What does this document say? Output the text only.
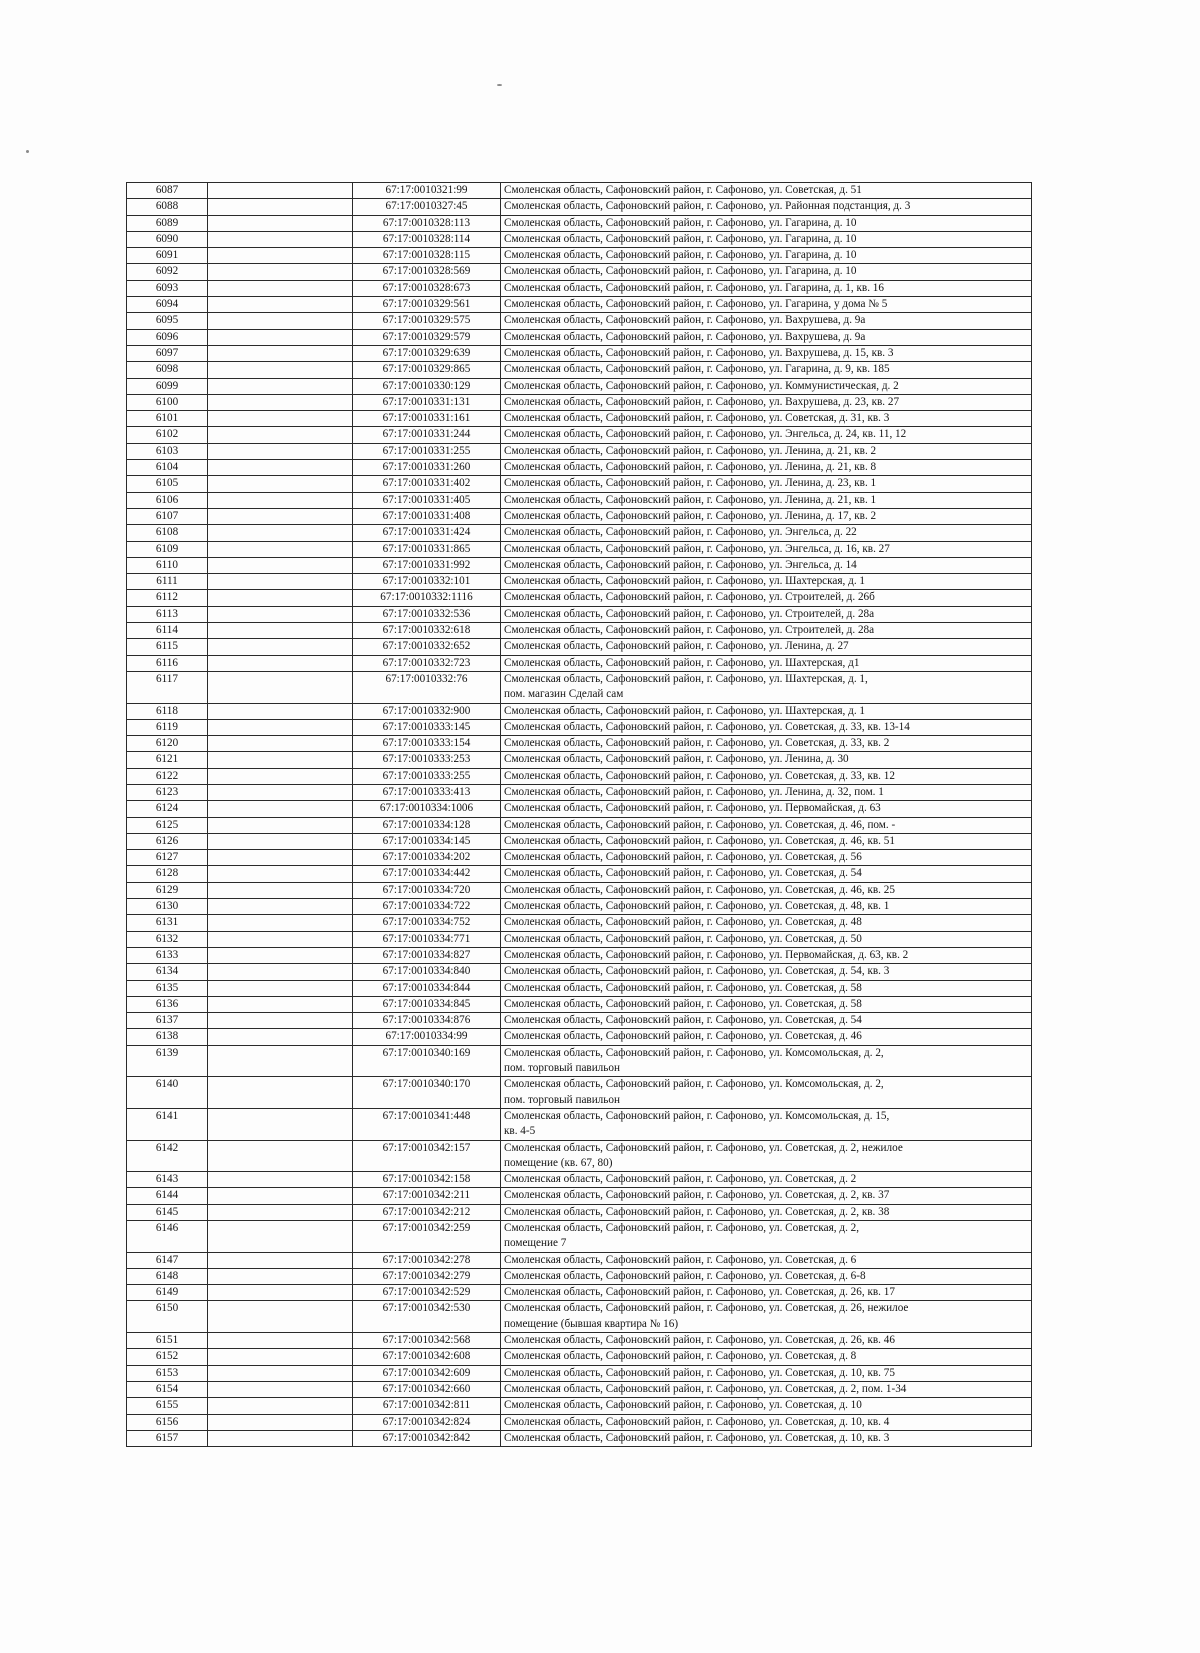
6087		67:17:0010321:99	Смоленская область, Сафоновский район, г. Сафоново, ул. Советская, д. 51

6088		67:17:0010327:45	Смоленская область, Сафоновский район, г. Сафоново, ул. Районная подстанция, д. 3

6089		67:17:0010328:113	Смоленская область, Сафоновский район, г. Сафоново, ул. Гагарина, д. 10

6090		67:17:0010328:114	Смоленская область, Сафоновский район, г. Сафоново, ул. Гагарина, д. 10

6091		67:17:0010328:115	Смоленская область, Сафоновский район, г. Сафоново, ул. Гагарина, д. 10

6092		67:17:0010328:569	Смоленская область, Сафоновский район, г. Сафоново, ул. Гагарина, д. 10

6093		67:17:0010328:673	Смоленская область, Сафоновский район, г. Сафоново, ул. Гагарина, д. 1, кв. 16

6094		67:17:0010329:561	Смоленская область, Сафоновский район, г. Сафоново, ул. Гагарина, у дома № 5

6095		67:17:0010329:575	Смоленская область, Сафоновский район, г. Сафоново, ул. Вахрушева, д. 9а

6096		67:17:0010329:579	Смоленская область, Сафоновский район, г. Сафоново, ул. Вахрушева, д. 9а

6097		67:17:0010329:639	Смоленская область, Сафоновский район, г. Сафоново, ул. Вахрушева, д. 15, кв. 3

6098		67:17:0010329:865	Смоленская область, Сафоновский район, г. Сафоново, ул. Гагарина, д. 9, кв. 185

6099		67:17:0010330:129	Смоленская область, Сафоновский район, г. Сафоново, ул. Коммунистическая, д. 2

6100		67:17:0010331:131	Смоленская область, Сафоновский район, г. Сафоново, ул. Вахрушева, д. 23, кв. 27

6101		67:17:0010331:161	Смоленская область, Сафоновский район, г. Сафоново, ул. Советская, д. 31, кв. 3

6102		67:17:0010331:244	Смоленская область, Сафоновский район, г. Сафоново, ул. Энгельса, д. 24, кв. 11, 12

6103		67:17:0010331:255	Смоленская область, Сафоновский район, г. Сафоново, ул. Ленина, д. 21, кв. 2

6104		67:17:0010331:260	Смоленская область, Сафоновский район, г. Сафоново, ул. Ленина, д. 21, кв. 8

6105		67:17:0010331:402	Смоленская область, Сафоновский район, г. Сафоново, ул. Ленина, д. 23, кв. 1

6106		67:17:0010331:405	Смоленская область, Сафоновский район, г. Сафоново, ул. Ленина, д. 21, кв. 1

6107		67:17:0010331:408	Смоленская область, Сафоновский район, г. Сафоново, ул. Ленина, д. 17, кв. 2

6108		67:17:0010331:424	Смоленская область, Сафоновский район, г. Сафоново, ул. Энгельса, д. 22

6109		67:17:0010331:865	Смоленская область, Сафоновский район, г. Сафоново, ул. Энгельса, д. 16, кв. 27

6110		67:17:0010331:992	Смоленская область, Сафоновский район, г. Сафоново, ул. Энгельса, д. 14

6111		67:17:0010332:101	Смоленская область, Сафоновский район, г. Сафоново, ул. Шахтерская, д. 1

6112		67:17:0010332:1116	Смоленская область, Сафоновский район, г. Сафоново, ул. Строителей, д. 26б

6113		67:17:0010332:536	Смоленская область, Сафоновский район, г. Сафоново, ул. Строителей, д. 28а

6114		67:17:0010332:618	Смоленская область, Сафоновский район, г. Сафоново, ул. Строителей, д. 28а

6115		67:17:0010332:652	Смоленская область, Сафоновский район, г. Сафоново, ул. Ленина, д. 27

6116		67:17:0010332:723	Смоленская область, Сафоновский район, г. Сафоново, ул. Шахтерская, д1

6117		67:17:0010332:76	Смоленская область, Сафоновский район, г. Сафоново, ул. Шахтерская, д. 1,
пом. магазин Сделай сам

6118		67:17:0010332:900	Смоленская область, Сафоновский район, г. Сафоново, ул. Шахтерская, д. 1

6119		67:17:0010333:145	Смоленская область, Сафоновский район, г. Сафоново, ул. Советская, д. 33, кв. 13-14

6120		67:17:0010333:154	Смоленская область, Сафоновский район, г. Сафоново, ул. Советская, д. 33, кв. 2

6121		67:17:0010333:253	Смоленская область, Сафоновский район, г. Сафоново, ул. Ленина, д. 30

6122		67:17:0010333:255	Смоленская область, Сафоновский район, г. Сафоново, ул. Советская, д. 33, кв. 12

6123		67:17:0010333:413	Смоленская область, Сафоновский район, г. Сафоново, ул. Ленина, д. 32, пом. 1

6124		67:17:0010334:1006	Смоленская область, Сафоновский район, г. Сафоново, ул. Первомайская, д. 63

6125		67:17:0010334:128	Смоленская область, Сафоновский район, г. Сафоново, ул. Советская, д. 46, пом. -

6126		67:17:0010334:145	Смоленская область, Сафоновский район, г. Сафоново, ул. Советская, д. 46, кв. 51

6127		67:17:0010334:202	Смоленская область, Сафоновский район, г. Сафоново, ул. Советская, д. 56

6128		67:17:0010334:442	Смоленская область, Сафоновский район, г. Сафоново, ул. Советская, д. 54

6129		67:17:0010334:720	Смоленская область, Сафоновский район, г. Сафоново, ул. Советская, д. 46, кв. 25

6130		67:17:0010334:722	Смоленская область, Сафоновский район, г. Сафоново, ул. Советская, д. 48, кв. 1

6131		67:17:0010334:752	Смоленская область, Сафоновский район, г. Сафоново, ул. Советская, д. 48

6132		67:17:0010334:771	Смоленская область, Сафоновский район, г. Сафоново, ул. Советская, д. 50

6133		67:17:0010334:827	Смоленская область, Сафоновский район, г. Сафоново, ул. Первомайская, д. 63, кв. 2

6134		67:17:0010334:840	Смоленская область, Сафоновский район, г. Сафоново, ул. Советская, д. 54, кв. 3

6135		67:17:0010334:844	Смоленская область, Сафоновский район, г. Сафоново, ул. Советская, д. 58

6136		67:17:0010334:845	Смоленская область, Сафоновский район, г. Сафоново, ул. Советская, д. 58

6137		67:17:0010334:876	Смоленская область, Сафоновский район, г. Сафоново, ул. Советская, д. 54

6138		67:17:0010334:99	Смоленская область, Сафоновский район, г. Сафоново, ул. Советская, д. 46

6139		67:17:0010340:169	Смоленская область, Сафоновский район, г. Сафоново, ул. Комсомольская, д. 2,
пом. торговый павильон

6140		67:17:0010340:170	Смоленская область, Сафоновский район, г. Сафоново, ул. Комсомольская, д. 2,
пом. торговый павильон

6141		67:17:0010341:448	Смоленская область, Сафоновский район, г. Сафоново, ул. Комсомольская, д. 15,
кв. 4-5

6142		67:17:0010342:157	Смоленская область, Сафоновский район, г. Сафоново, ул. Советская, д. 2, нежилое
помещение (кв. 67, 80)

6143		67:17:0010342:158	Смоленская область, Сафоновский район, г. Сафоново, ул. Советская, д. 2

6144		67:17:0010342:211	Смоленская область, Сафоновский район, г. Сафоново, ул. Советская, д. 2, кв. 37

6145		67:17:0010342:212	Смоленская область, Сафоновский район, г. Сафоново, ул. Советская, д. 2, кв. 38

6146		67:17:0010342:259	Смоленская область, Сафоновский район, г. Сафоново, ул. Советская, д. 2,
помещение 7

6147		67:17:0010342:278	Смоленская область, Сафоновский район, г. Сафоново, ул. Советская, д. 6

6148		67:17:0010342:279	Смоленская область, Сафоновский район, г. Сафоново, ул. Советская, д. 6-8

6149		67:17:0010342:529	Смоленская область, Сафоновский район, г. Сафоново, ул. Советская, д. 26, кв. 17

6150		67:17:0010342:530	Смоленская область, Сафоновский район, г. Сафоново, ул. Советская, д. 26, нежилое
помещение (бывшая квартира № 16)

6151		67:17:0010342:568	Смоленская область, Сафоновский район, г. Сафоново, ул. Советская, д. 26, кв. 46

6152		67:17:0010342:608	Смоленская область, Сафоновский район, г. Сафоново, ул. Советская, д. 8

6153		67:17:0010342:609	Смоленская область, Сафоновский район, г. Сафоново, ул. Советская, д. 10, кв. 75

6154		67:17:0010342:660	Смоленская область, Сафоновский район, г. Сафоново, ул. Советская, д. 2, пом. 1-34

6155		67:17:0010342:811	Смоленская область, Сафоновский район, г. Сафоново, ул. Советская, д. 10

6156		67:17:0010342:824	Смоленская область, Сафоновский район, г. Сафоново, ул. Советская, д. 10, кв. 4

6157		67:17:0010342:842	Смоленская область, Сафоновский район, г. Сафоново, ул. Советская, д. 10, кв. 3
